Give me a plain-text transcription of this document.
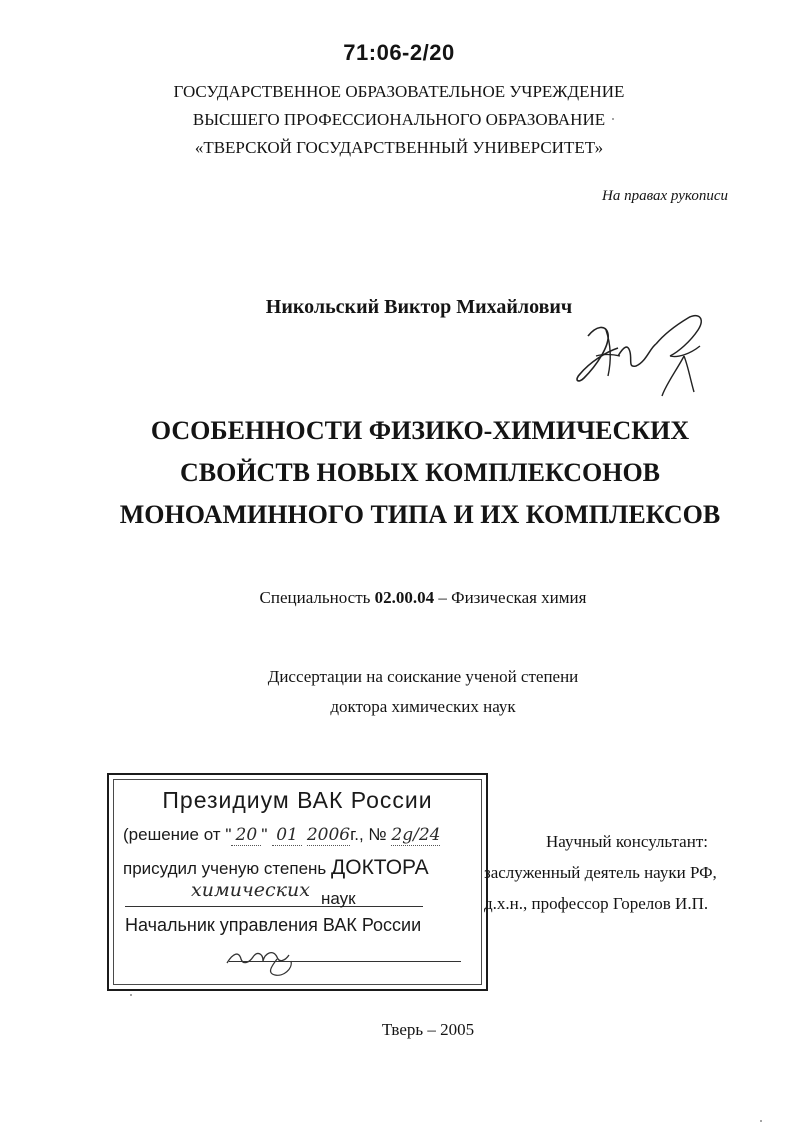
71:06-2/20
ГОСУДАРСТВЕННОЕ ОБРАЗОВАТЕЛЬНОЕ УЧРЕЖДЕНИЕ
ВЫСШЕГО ПРОФЕССИОНАЛЬНОГО ОБРАЗОВАНИЕ
«ТВЕРСКОЙ ГОСУДАРСТВЕННЫЙ УНИВЕРСИТЕТ»
На правах рукописи
Никольский Виктор Михайлович
ОСОБЕННОСТИ ФИЗИКО-ХИМИЧЕСКИХ
СВОЙСТВ НОВЫХ КОМПЛЕКСОНОВ
МОНОАМИННОГО ТИПА И ИХ КОМПЛЕКСОВ
Специальность 02.00.04 – Физическая химия
Диссертации на соискание ученой степени
доктора химических наук
Президиум ВАК России
(решение от " 20 " 01 2006г., № 2g/24
присудил ученую степень ДОКТОРА
химических наук
Начальник управления ВАК России
Научный консультант:
заслуженный деятель науки РФ,
д.х.н., профессор Горелов И.П.
Тверь – 2005
